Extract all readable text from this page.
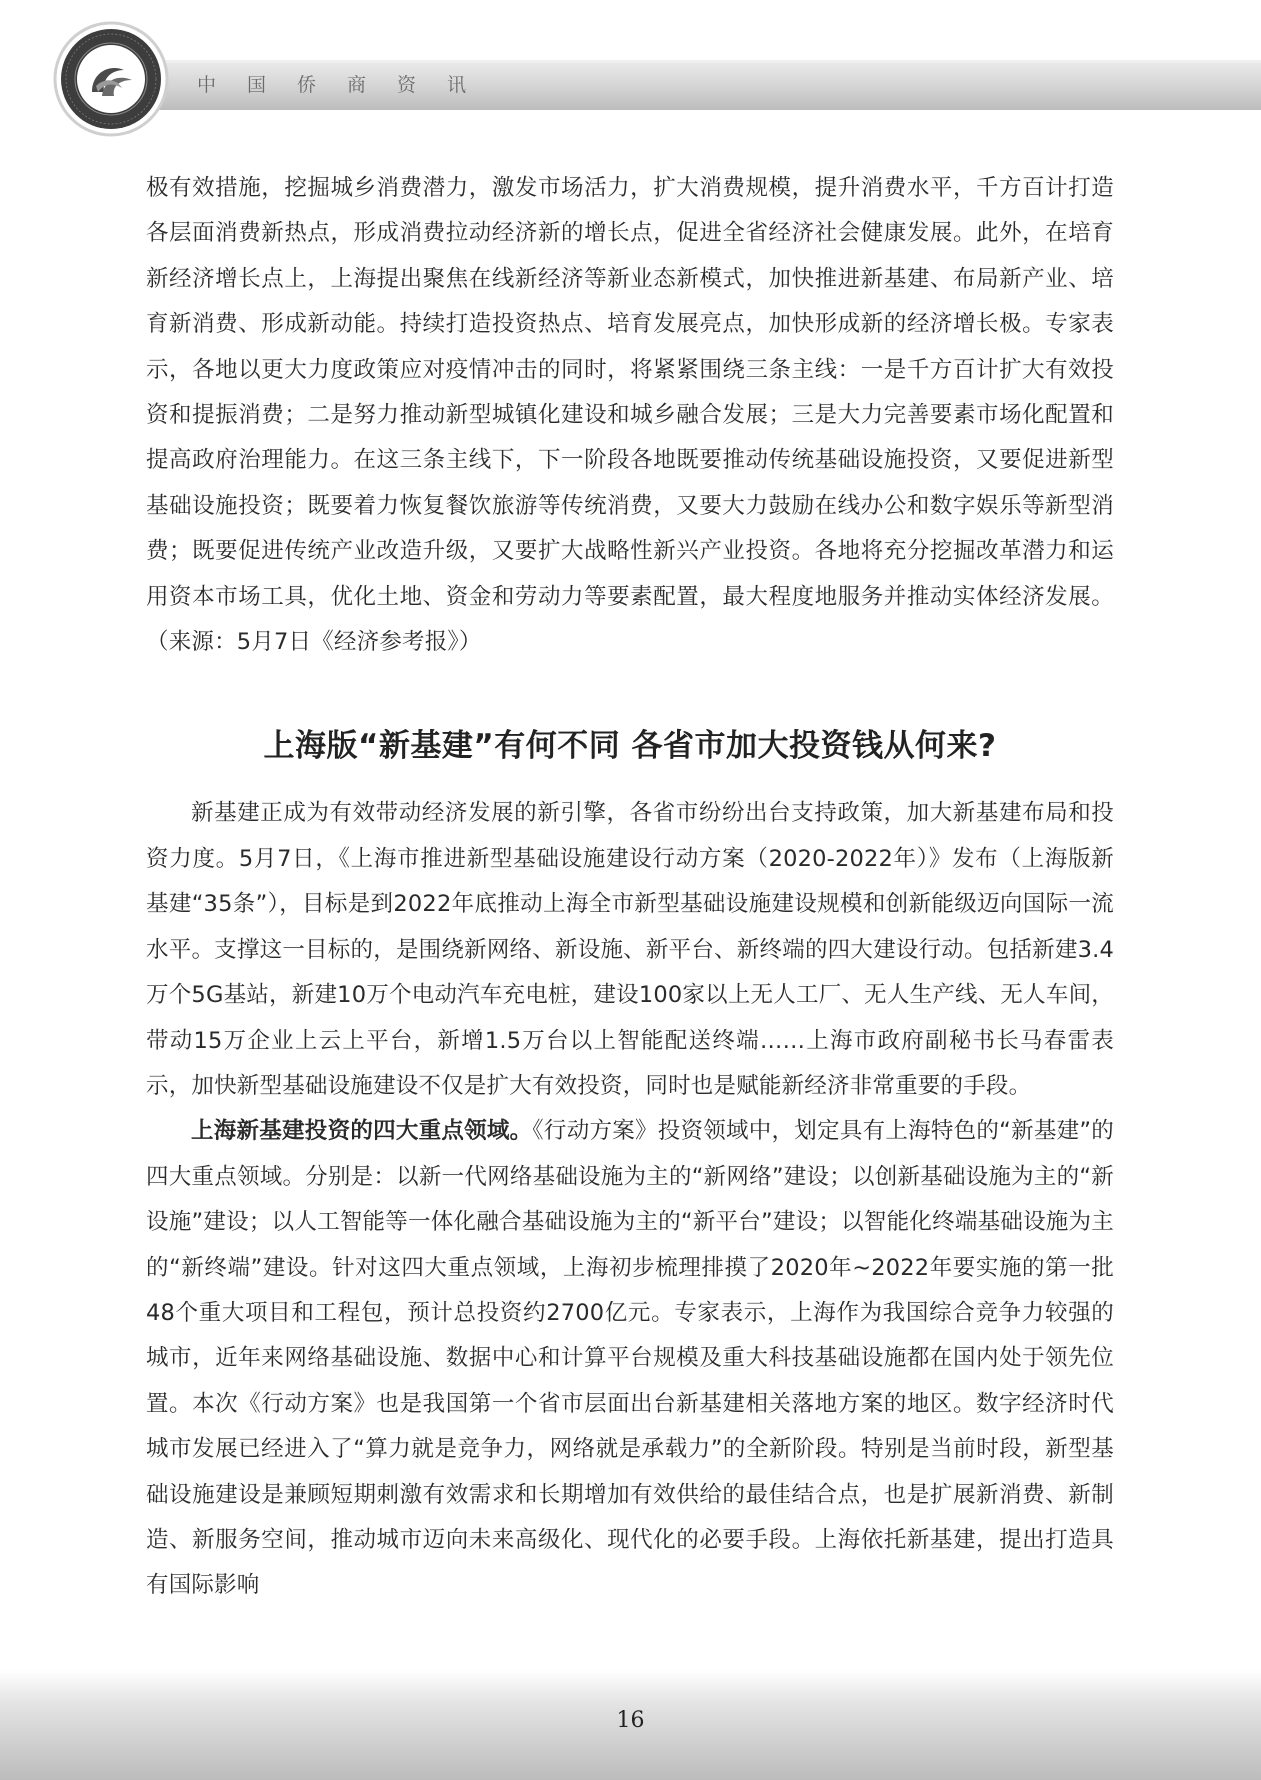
中国侨商资讯

极有效措施，挖掘城乡消费潜力，激发市场活力，扩大消费规模，提升消费水平，千方百计打造各层面消费新热点，形成消费拉动经济新的增长点，促进全省经济社会健康发展。此外，在培育新经济增长点上，上海提出聚焦在线新经济等新业态新模式，加快推进新基建、布局新产业、培育新消费、形成新动能。持续打造投资热点、培育发展亮点，加快形成新的经济增长极。专家表示，各地以更大力度政策应对疫情冲击的同时，将紧紧围绕三条主线：一是千方百计扩大有效投资和提振消费；二是努力推动新型城镇化建设和城乡融合发展；三是大力完善要素市场化配置和提高政府治理能力。在这三条主线下，下一阶段各地既要推动传统基础设施投资，又要促进新型基础设施投资；既要着力恢复餐饮旅游等传统消费，又要大力鼓励在线办公和数字娱乐等新型消费；既要促进传统产业改造升级，又要扩大战略性新兴产业投资。各地将充分挖掘改革潜力和运用资本市场工具，优化土地、资金和劳动力等要素配置，最大程度地服务并推动实体经济发展。（来源：5月7日《经济参考报》）

上海版“新基建”有何不同 各省市加大投资钱从何来?

新基建正成为有效带动经济发展的新引擎，各省市纷纷出台支持政策，加大新基建布局和投资力度。5月7日，《上海市推进新型基础设施建设行动方案（2020-2022年）》发布（上海版新基建“35条”），目标是到2022年底推动上海全市新型基础设施建设规模和创新能级迈向国际一流水平。支撑这一目标的，是围绕新网络、新设施、新平台、新终端的四大建设行动。包括新建3.4万个5G基站，新建10万个电动汽车充电桩，建设100家以上无人工厂、无人生产线、无人车间，带动15万企业上云上平台，新增1.5万台以上智能配送终端……上海市政府副秘书长马春雷表示，加快新型基础设施建设不仅是扩大有效投资，同时也是赋能新经济非常重要的手段。

上海新基建投资的四大重点领域。《行动方案》投资领域中，划定具有上海特色的“新基建”的四大重点领域。分别是：以新一代网络基础设施为主的“新网络”建设；以创新基础设施为主的“新设施”建设；以人工智能等一体化融合基础设施为主的“新平台”建设；以智能化终端基础设施为主的“新终端”建设。针对这四大重点领域，上海初步梳理排摸了2020年~2022年要实施的第一批48个重大项目和工程包，预计总投资约2700亿元。专家表示，上海作为我国综合竞争力较强的城市，近年来网络基础设施、数据中心和计算平台规模及重大科技基础设施都在国内处于领先位置。本次《行动方案》也是我国第一个省市层面出台新基建相关落地方案的地区。数字经济时代城市发展已经进入了“算力就是竞争力，网络就是承载力”的全新阶段。特别是当前时段，新型基础设施建设是兼顾短期刺激有效需求和长期增加有效供给的最佳结合点，也是扩展新消费、新制造、新服务空间，推动城市迈向未来高级化、现代化的必要手段。上海依托新基建，提出打造具有国际影响

16
